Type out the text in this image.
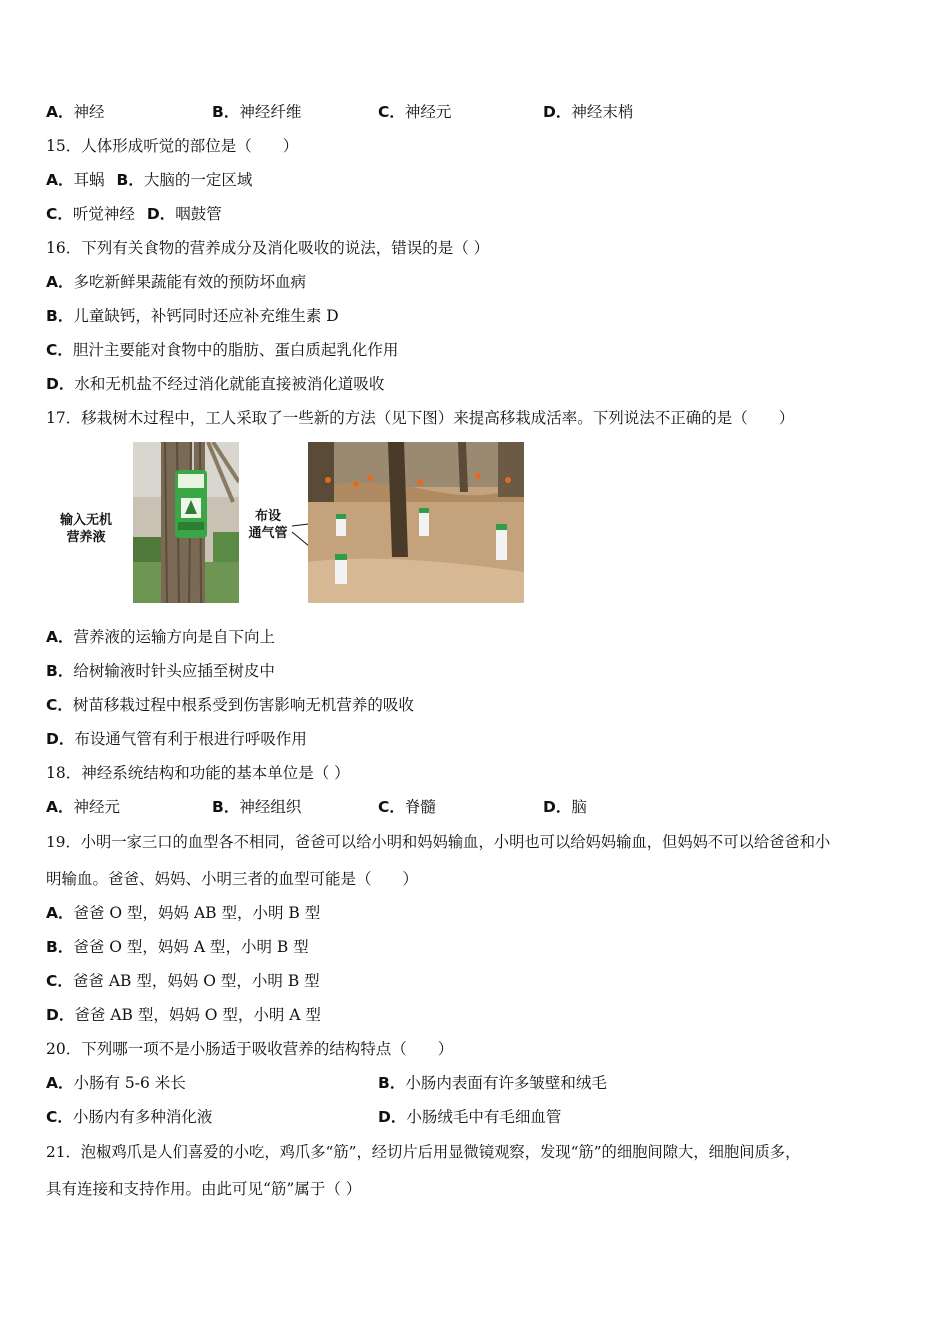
A．神经	B．神经纤维	C．神经元	D．神经末梢
15．人体形成听觉的部位是（　　）
A．耳蜗 B．大脑的一定区域
C．听觉神经 D．咽鼓管
16．下列有关食物的营养成分及消化吸收的说法，错误的是（ ）
A．多吃新鲜果蔬能有效的预防坏血病
B．儿童缺钙，补钙同时还应补充维生素 D
C．胆汁主要能对食物中的脂肪、蛋白质起乳化作用
D．水和无机盐不经过消化就能直接被消化道吸收
17．移栽树木过程中，工人采取了一些新的方法（见下图）来提高移栽成活率。下列说法不正确的是（　　）
输入无机
营养液
布设
通气管
A．营养液的运输方向是自下向上
B．给树输液时针头应插至树皮中
C．树苗移栽过程中根系受到伤害影响无机营养的吸收
D．布设通气管有利于根进行呼吸作用
18．神经系统结构和功能的基本单位是（ ）
A．神经元	B．神经组织	C．脊髓	D．脑
19．小明一家三口的血型各不相同，爸爸可以给小明和妈妈输血，小明也可以给妈妈输血，但妈妈不可以给爸爸和小
明输血。爸爸、妈妈、小明三者的血型可能是（　　）
A．爸爸 O 型，妈妈 AB 型，小明 B 型
B．爸爸 O 型，妈妈 A 型，小明 B 型
C．爸爸 AB 型，妈妈 O 型，小明 B 型
D．爸爸 AB 型，妈妈 O 型，小明 A 型
20．下列哪一项不是小肠适于吸收营养的结构特点（　　）
A．小肠有 5-6 米长	B．小肠内表面有许多皱壁和绒毛
C．小肠内有多种消化液	D．小肠绒毛中有毛细血管
21．泡椒鸡爪是人们喜爱的小吃，鸡爪多“筋”，经切片后用显微镜观察，发现“筋”的细胞间隙大，细胞间质多，
具有连接和支持作用。由此可见“筋”属于（ ）
